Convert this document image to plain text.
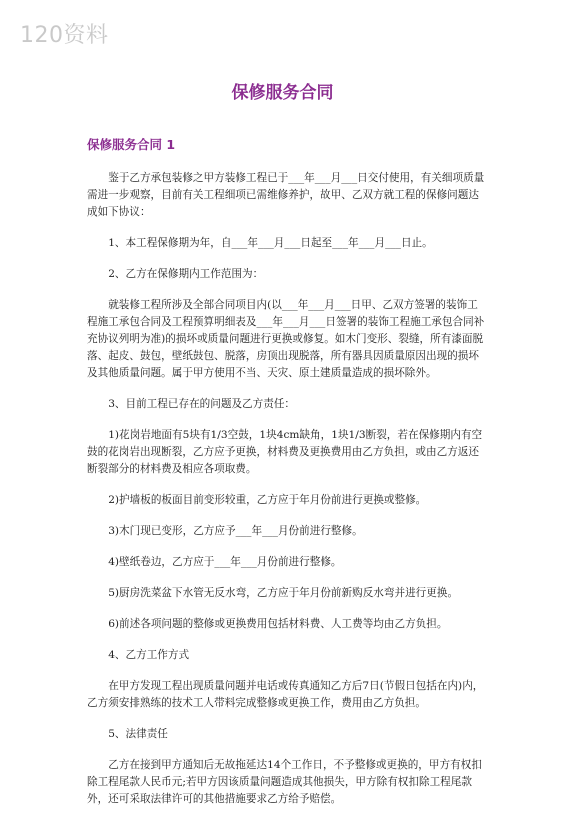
120资料
保修服务合同
保修服务合同 1

鉴于乙方承包装修之甲方装修工程已于___年___月___日交付使用，有关细项质量需进一步观察，目前有关工程细项已需维修养护，故甲、乙双方就工程的保修问题达成如下协议：

1、本工程保修期为年，自___年___月___日起至___年___月___日止。

2、乙方在保修期内工作范围为：

就装修工程所涉及全部合同项目内(以___年___月___日甲、乙双方签署的装饰工程施工承包合同及工程预算明细表及___年___月___日签署的装饰工程施工承包合同补充协议列明为准)的损坏或质量问题进行更换或修复。如木门变形、裂缝，所有漆面脱落、起皮、鼓包，壁纸鼓包、脱落，房顶出现脱落，所有器具因质量原因出现的损坏及其他质量问题。属于甲方使用不当、天灾、原土建质量造成的损坏除外。

3、目前工程已存在的问题及乙方责任：

1)花岗岩地面有5块有1/3空鼓，1块4cm缺角，1块1/3断裂，若在保修期内有空鼓的花岗岩出现断裂，乙方应予更换，材料费及更换费用由乙方负担，或由乙方返还断裂部分的材料费及相应各项取费。

2)护墙板的板面目前变形较重，乙方应于年月份前进行更换或整修。

3)木门现已变形，乙方应予___年___月份前进行整修。

4)壁纸卷边，乙方应于___年___月份前进行整修。

5)厨房洗菜盆下水管无反水弯，乙方应于年月份前新购反水弯并进行更换。

6)前述各项问题的整修或更换费用包括材料费、人工费等均由乙方负担。

4、乙方工作方式

在甲方发现工程出现质量问题并电话或传真通知乙方后7日(节假日包括在内)内，乙方须安排熟练的技术工人带料完成整修或更换工作，费用由乙方负担。

5、法律责任

乙方在接到甲方通知后无故拖延达14个工作日，不予整修或更换的，甲方有权扣除工程尾款人民币元;若甲方因该质量问题造成其他损失，甲方除有权扣除工程尾款外，还可采取法律许可的其他措施要求乙方给予赔偿。
